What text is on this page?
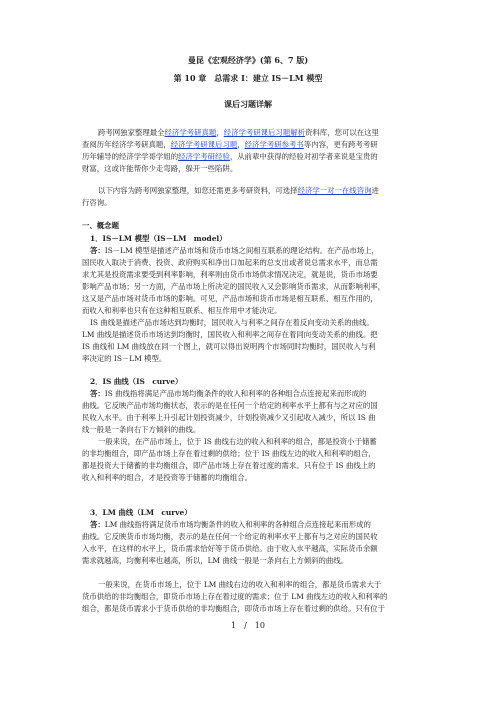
曼昆《宏观经济学》(第 6、7 版)
第 10 章　总需求 I：建立 IS－LM 模型
课后习题详解
跨考网独家整理最全经济学考研真题，经济学考研课后习题解析资料库，您可以在这里
查阅历年经济学考研真题，经济学考研课后习题，经济学考研参考书等内容，更有跨考考研
历年辅导的经济学学哥学姐的经济学考研经验，从前辈中获得的经验对初学者来说是宝贵的
财富，这或许能帮你少走弯路，躲开一些陷阱。
以下内容为跨考网独家整理，如您还需更多考研资料，可选择经济学一对一在线咨询进
行咨询。
一、概念题
1．IS－LM 模型（IS－LM　model）
答：IS－LM 模型是描述产品市场和货币市场之间相互联系的理论结构。在产品市场上，
国民收入取决于消费、投资、政府购买和净出口加起来的总支出或者说总需求水平，而总需
求尤其是投资需求要受到利率影响，利率则由货币市场供求情况决定，就是说，货币市场要
影响产品市场；另一方面，产品市场上所决定的国民收入又会影响货币需求，从而影响利率，
这又是产品市场对货币市场的影响。可见，产品市场和货币市场是相互联系、相互作用的，
而收入和利率也只有在这种相互联系、相互作用中才能决定。
IS 曲线是描述产品市场达到均衡时，国民收入与利率之间存在着反向变动关系的曲线。
LM 曲线是描述货币市场达到均衡时，国民收入和利率之间存在着同向变动关系的曲线。把
IS 曲线和 LM 曲线放在同一个图上，就可以得出说明两个市场同时均衡时，国民收入与利
率决定的 IS－LM 模型。
2．IS 曲线（IS　curve）
答：IS 曲线指将满足产品市场均衡条件的收入和利率的各种组合点连接起来而形成的
曲线。它反映产品市场均衡状态，表示的是在任何一个给定的利率水平上都有与之对应的国
民收入水平。由于利率上升引起计划投资减少，计划投资减少又引起收入减少，所以 IS 曲
线一般是一条向右下方倾斜的曲线。
一般来说，在产品市场上，位于 IS 曲线右边的收入和利率的组合，都是投资小于储蓄
的非均衡组合，即产品市场上存在着过剩的供给；位于 IS 曲线左边的收入和利率的组合，
都是投资大于储蓄的非均衡组合，即产品市场上存在着过度的需求。只有位于 IS 曲线上的
收入和利率的组合，才是投资等于储蓄的均衡组合。
3．LM 曲线（LM　curve）
答：LM 曲线指将满足货币市场均衡条件的收入和利率的各种组合点连接起来而形成的
曲线。它反映货币市场均衡，表示的是在任何一个给定的利率水平上都有与之对应的国民收
入水平，在这样的水平上，货币需求恰好等于货币供给。由于收入水平越高，实际货币余额
需求就越高，均衡利率也越高，所以，LM 曲线一般是一条向右上方倾斜的曲线。
一般来说，在货币市场上，位于 LM 曲线右边的收入和利率的组合，都是货币需求大于
货币供给的非均衡组合，即货币市场上存在着过度的需求；位于 LM 曲线左边的收入和利率的
组合，都是货币需求小于货币供给的非均衡组合，即货币市场上存在着过剩的供给。只有位于
1　/　10
